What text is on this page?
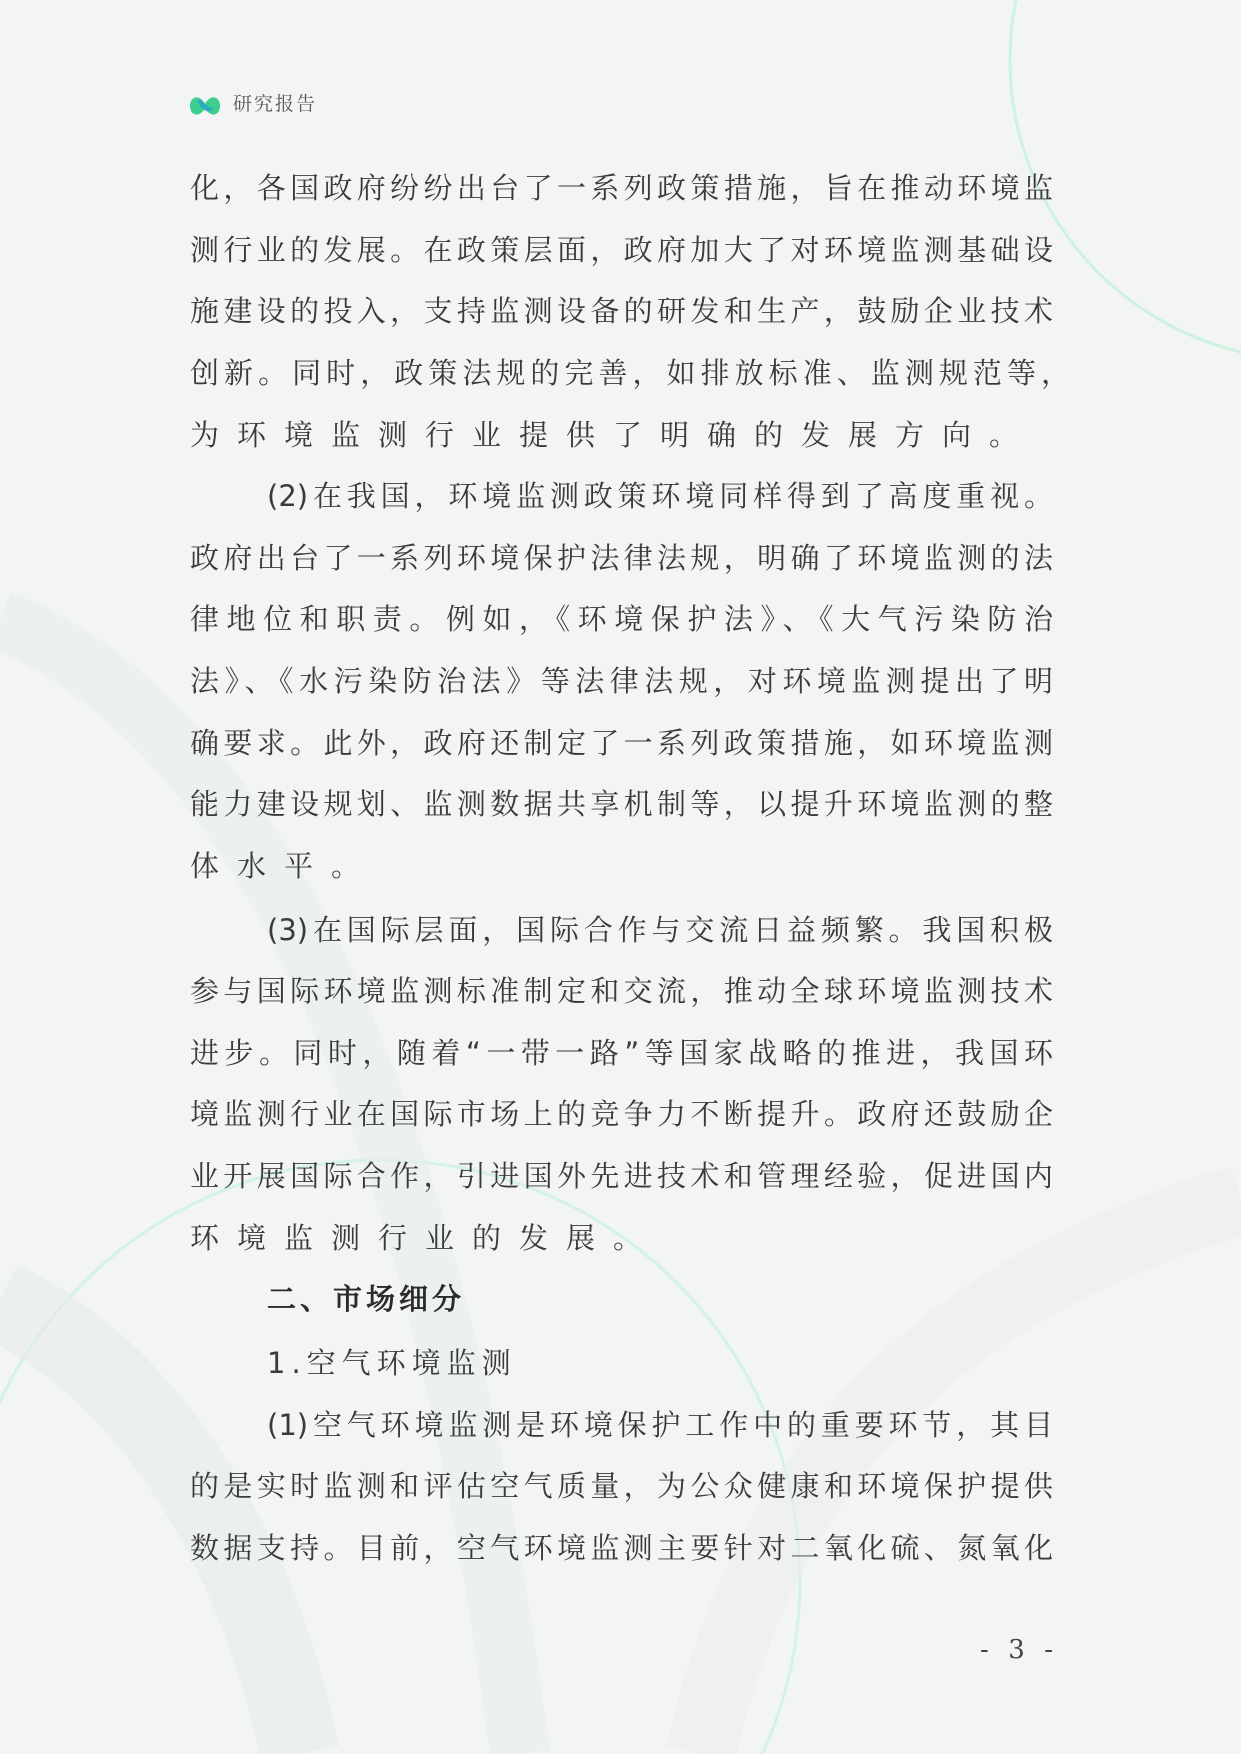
研究报告
化，各国政府纷纷出台了一系列政策措施，旨在推动环境监
测行业的发展。在政策层面，政府加大了对环境监测基础设
施建设的投入，支持监测设备的研发和生产，鼓励企业技术
创新。同时，政策法规的完善，如排放标准、监测规范等，
为环境监测行业提供了明确的发展方向。
(2)在我国，环境监测政策环境同样得到了高度重视。
政府出台了一系列环境保护法律法规，明确了环境监测的法
律地位和职责。例如，《环境保护法》、《大气污染防治
法》、《水污染防治法》等法律法规，对环境监测提出了明
确要求。此外，政府还制定了一系列政策措施，如环境监测
能力建设规划、监测数据共享机制等，以提升环境监测的整
体水平。
(3)在国际层面，国际合作与交流日益频繁。我国积极
参与国际环境监测标准制定和交流，推动全球环境监测技术
进步。同时，随着“一带一路”等国家战略的推进，我国环
境监测行业在国际市场上的竞争力不断提升。政府还鼓励企
业开展国际合作，引进国外先进技术和管理经验，促进国内
环境监测行业的发展。
二、市场细分
1.空气环境监测
(1)空气环境监测是环境保护工作中的重要环节，其目
的是实时监测和评估空气质量，为公众健康和环境保护提供
数据支持。目前，空气环境监测主要针对二氧化硫、氮氧化
- 3 -
